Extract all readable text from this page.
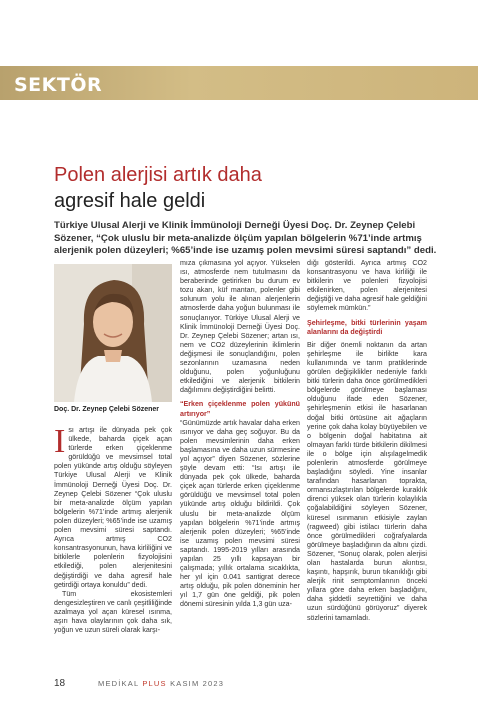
SEKTÖR
Polen alerjisi artık daha
agresif hale geldi
Türkiye Ulusal Alerji ve Klinik İmmünoloji Derneği Üyesi Doç. Dr. Zeynep Çelebi Sözener, “Çok uluslu bir meta-analizde ölçüm yapılan bölgelerin %71’inde artmış alerjenik polen düzeyleri; %65’inde ise uzamış polen mevsimi süresi saptandı” dedi.
Doç. Dr. Zeynep Çelebi Sözener

Isı artışı ile dünyada pek çok ülkede, baharda çiçek açan türlerde erken çiçeklenme görüldüğü ve mevsimsel total polen yükünde artış olduğu söyleyen Türkiye Ulusal Alerji ve Klinik İmmünoloji Derneği Üyesi Doç. Dr. Zeynep Çelebi Sözener “Çok uluslu bir meta-analizde ölçüm yapılan bölgelerin %71’inde artmış alerjenik polen düzeyleri; %65’inde ise uzamış polen mevsimi süresi saptandı. Ayrıca artmış CO2 konsantrasyonunun, hava kirliliğini ve bitkilerle polenlerin fizyolojisini etkilediği, polen alerjenitesini değiştirdiği ve daha agresif hale getirdiği ortaya konuldu” dedi.

Tüm ekosistemleri dengesizleştiren ve canlı çeşitliliğinde azalmaya yol açan küresel ısınma, aşırı hava olaylarının çok daha sık, yoğun ve uzun süreli olarak karşı-

mıza çıkmasına yol açıyor. Yükselen ısı, atmosferde nem tutulmasını da beraberinde getirirken bu durum ev tozu akarı, küf mantarı, polenler gibi solunum yolu ile alınan alerjenlerin atmosferde daha yoğun bulunması ile sonuçlanıyor. Türkiye Ulusal Alerji ve Klinik İmmünoloji Derneği Üyesi Doç. Dr. Zeynep Çelebi Sözener; artan ısı, nem ve CO2 düzeylerinin iklimlerin değişmesi ile sonuçlandığını, polen sezonlarının uzamasına neden olduğunu, polen yoğunluğunu etkilediğini ve alerjenik bitkilerin dağılımını değiştirdiğini belirtti.

“Erken çiçeklenme polen yükünü artırıyor”

“Günümüzde artık havalar daha erken ısınıyor ve daha geç soğuyor. Bu da polen mevsimlerinin daha erken başlamasına ve daha uzun sürmesine yol açıyor” diyen Sözener, sözlerine şöyle devam etti: “Isı artışı ile dünyada pek çok ülkede, baharda çiçek açan türlerde erken çiçeklenme görüldüğü ve mevsimsel total polen yükünde artış olduğu bildirildi. Çok uluslu bir meta-analizde ölçüm yapılan bölgelerin %71’inde artmış alerjenik polen düzeyleri; %65’inde ise uzamış polen mevsimi süresi saptandı. 1995-2019 yılları arasında yapılan 25 yıllı kapsayan bir çalışmada; yıllık ortalama sıcaklıkta, her yıl için 0.041 santigrat derece artış olduğu, pik polen döneminin her yıl 1,7 gün öne geldiği, pik polen dönemi süresinin yılda 1,3 gün uza-

dığı gösterildi. Ayrıca artmış CO2 konsantrasyonu ve hava kirliliği ile bitkilerin ve polenleri fizyolojisi etkilenirken, polen alerjenitesi değiştiği ve daha agresif hale geldiğini söylemek mümkün.”

Şehirleşme, bitki türlerinin yaşam alanlarını da değiştirdi

Bir diğer önemli noktanın da artan şehirleşme ile birlikte kara kullanımında ve tarım pratiklerinde görülen değişiklikler nedeniyle farklı bitki türlerin daha önce görülmedikleri bölgelerde görülmeye başlaması olduğunu ifade eden Sözener, şehirleşmenin etkisi ile hasarlanan doğal bitki örtüsüne ait ağaçların yerine çok daha kolay büyüyebilen ve o bölgenin doğal habitatına ait olmayan farklı türde bitkilerin dikilmesi ile o bölge için alışılagelmedik polenlerin atmosferde görülmeye başladığını söyledi. Yine insanlar tarafından hasarlanan toprakta, ormansızlaştırılan bölgelerde kuraklık direnci yüksek olan türlerin kolaylıkla çoğalabildiğini söyleyen Sözener, küresel ısınmanın etkisiyle zaylan (ragweed) gibi istilacı türlerin daha önce görülmedikleri coğrafyalarda görülmeye başladığının da altını çizdi. Sözener, “Sonuç olarak, polen alerjisi olan hastalarda burun akıntısı, kaşıntı, hapşırık, burun tıkanıklığı gibi alerjik rinit semptomlarının önceki yıllara göre daha erken başladığını, daha şiddetli seyrettiğini ve daha uzun sürdüğünü görüyoruz” diyerek sözlerini tamamladı.

18	MEDİKAL PLUS KASIM 2023
